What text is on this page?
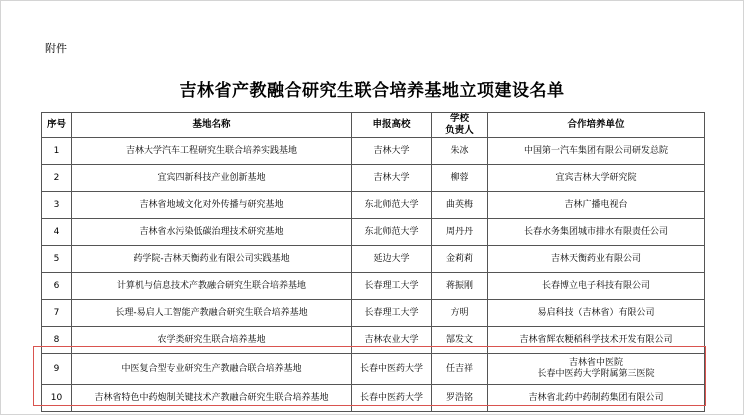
附件
吉林省产教融合研究生联合培养基地立项建设名单
序号	基地名称	申报高校	学校
负责人	合作培养单位
1	吉林大学汽车工程研究生联合培养实践基地	吉林大学	朱冰	中国第一汽车集团有限公司研发总院
2	宜宾四新科技产业创新基地	吉林大学	柳蓉	宜宾吉林大学研究院
3	吉林省地域文化对外传播与研究基地	东北师范大学	曲英梅	吉林广播电视台
4	吉林省水污染低碳治理技术研究基地	东北师范大学	周丹丹	长春水务集团城市排水有限责任公司
5	药学院-吉林天衡药业有限公司实践基地	延边大学	金莉莉	吉林天衡药业有限公司
6	计算机与信息技术产教融合研究生联合培养基地	长春理工大学	蒋振刚	长春博立电子科技有限公司
7	长理-易启人工智能产教融合研究生联合培养基地	长春理工大学	方明	易启科技（吉林省）有限公司
8	农学类研究生联合培养基地	吉林农业大学	郜发文	吉林省辉农粳稻科学技术开发有限公司
9	中医复合型专业研究生产教融合联合培养基地	长春中医药大学	任吉祥	吉林省中医院
长春中医药大学附属第三医院
10	吉林省特色中药炮制关键技术产教融合研究生联合培养基地	长春中医药大学	罗浩铭	吉林省北药中药制药集团有限公司
